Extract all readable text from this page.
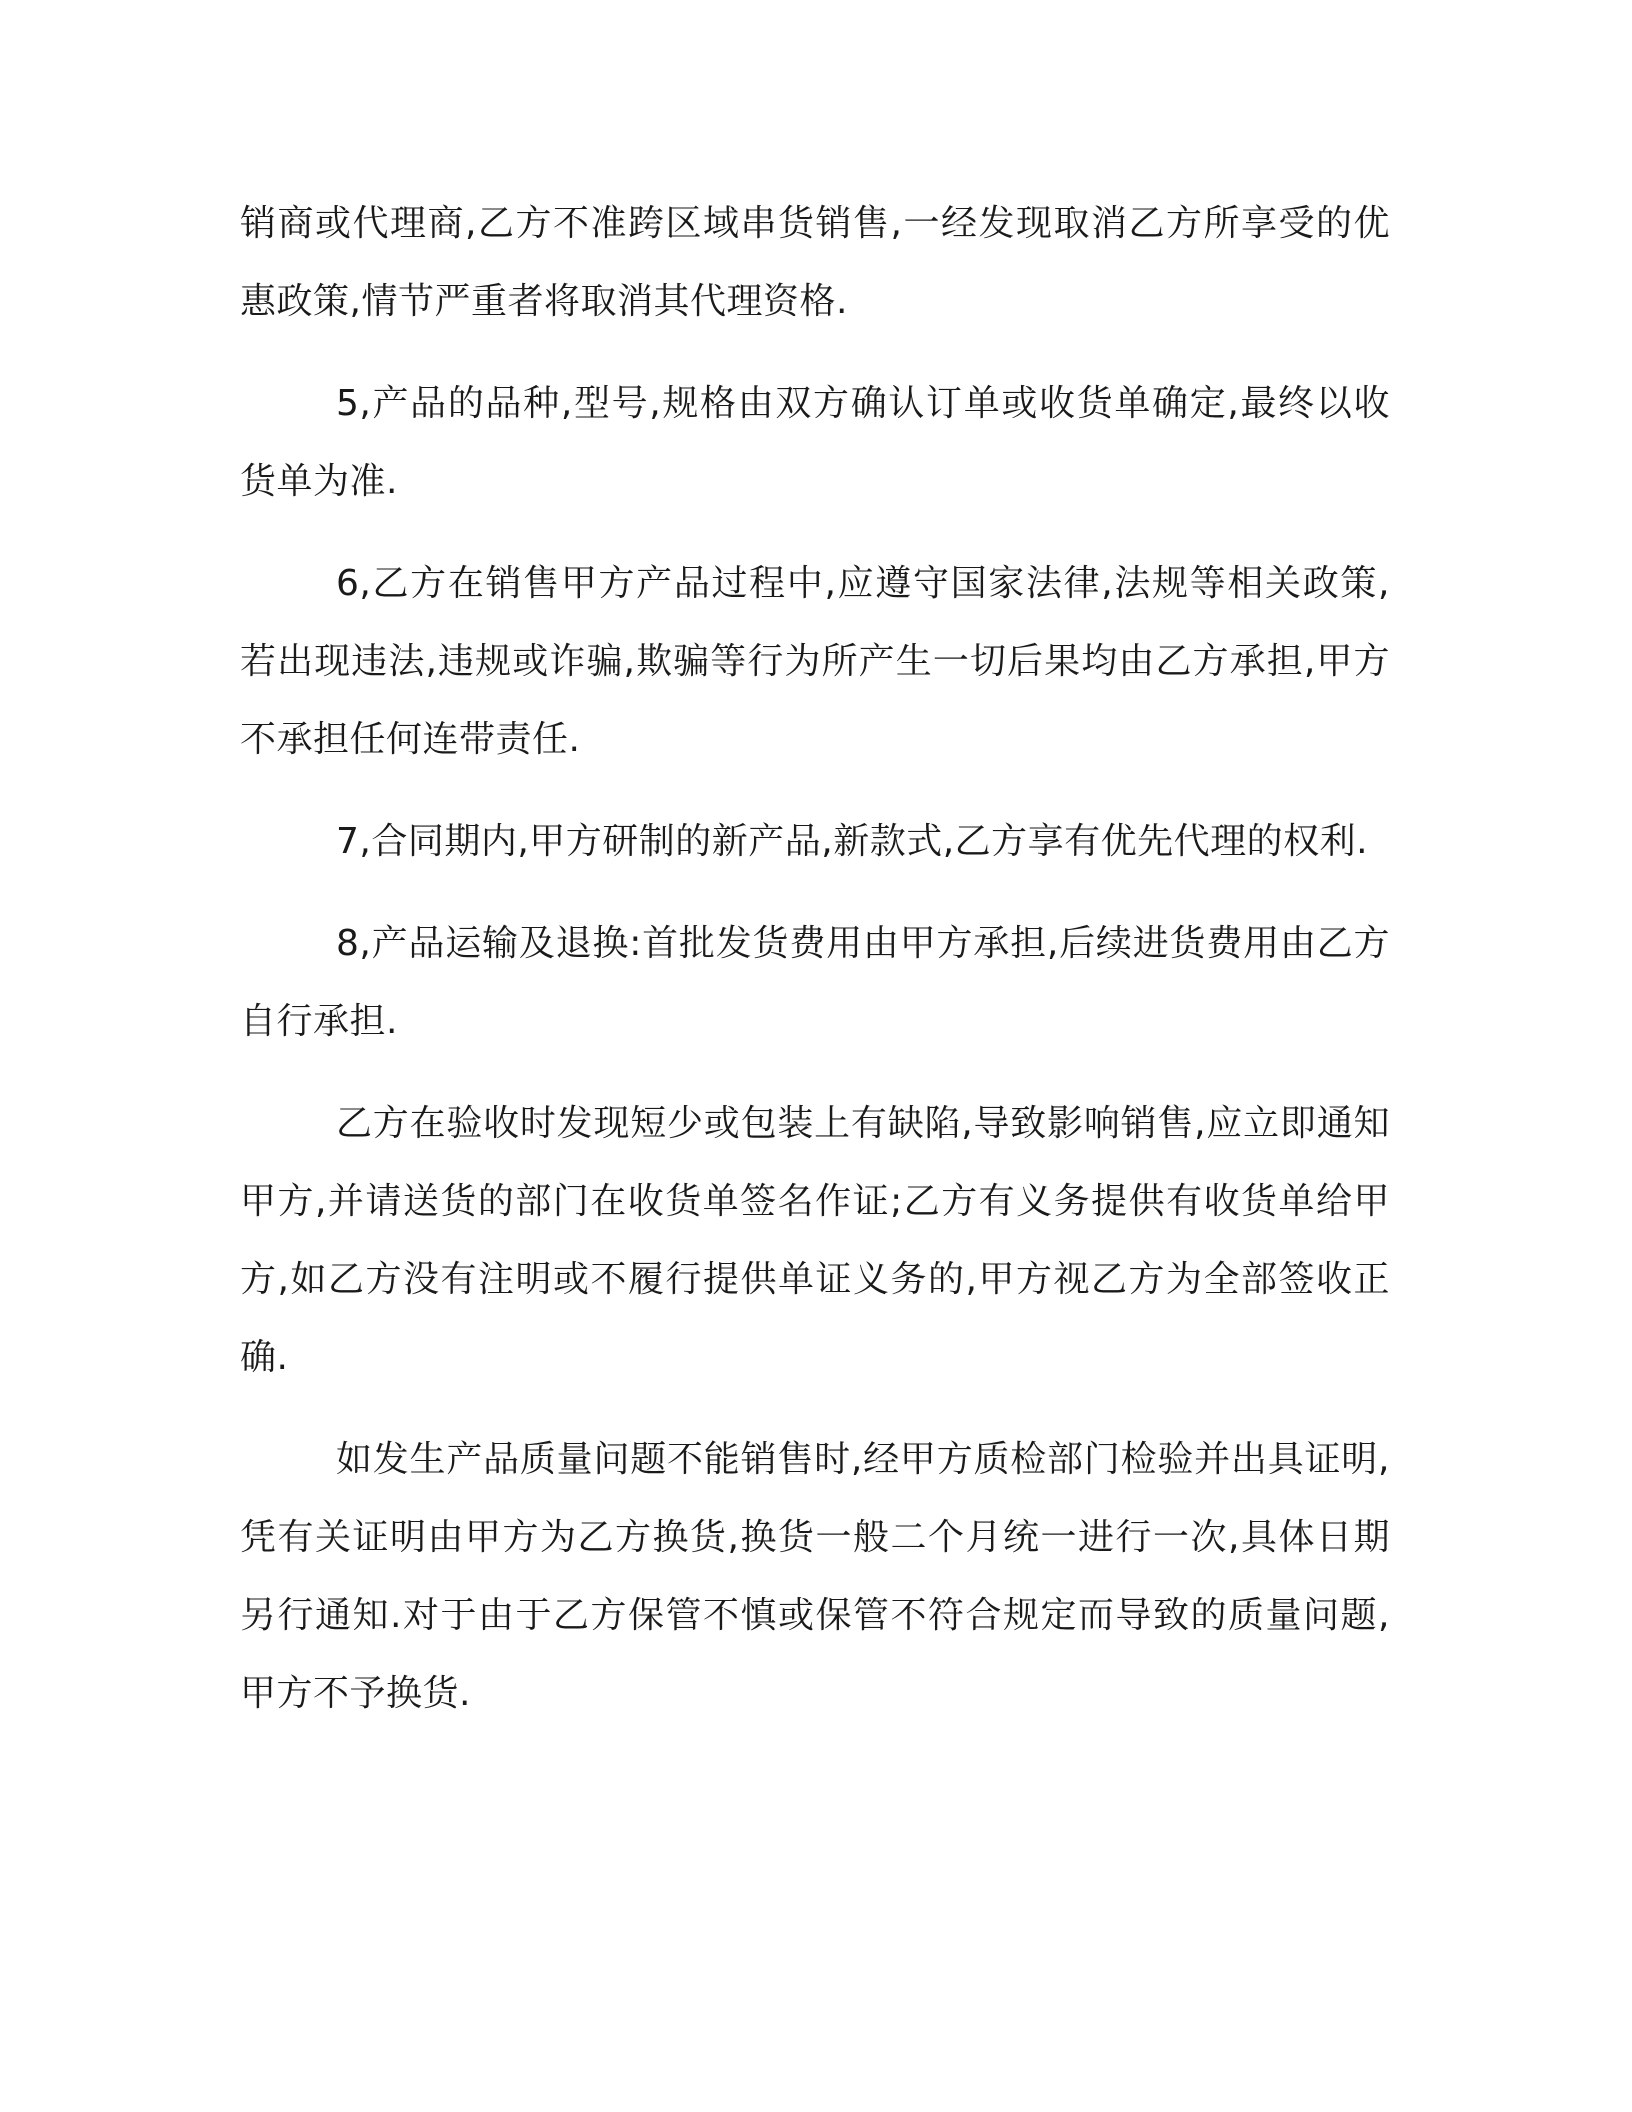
销商或代理商,乙方不准跨区域串货销售,一经发现取消乙方所享受的优惠政策,情节严重者将取消其代理资格.

5,产品的品种,型号,规格由双方确认订单或收货单确定,最终以收货单为准.

6,乙方在销售甲方产品过程中,应遵守国家法律,法规等相关政策,若出现违法,违规或诈骗,欺骗等行为所产生一切后果均由乙方承担,甲方不承担任何连带责任.

7,合同期内,甲方研制的新产品,新款式,乙方享有优先代理的权利.

8,产品运输及退换:首批发货费用由甲方承担,后续进货费用由乙方自行承担.

乙方在验收时发现短少或包装上有缺陷,导致影响销售,应立即通知甲方,并请送货的部门在收货单签名作证;乙方有义务提供有收货单给甲方,如乙方没有注明或不履行提供单证义务的,甲方视乙方为全部签收正确.

如发生产品质量问题不能销售时,经甲方质检部门检验并出具证明,凭有关证明由甲方为乙方换货,换货一般二个月统一进行一次,具体日期另行通知.对于由于乙方保管不慎或保管不符合规定而导致的质量问题,甲方不予换货.
